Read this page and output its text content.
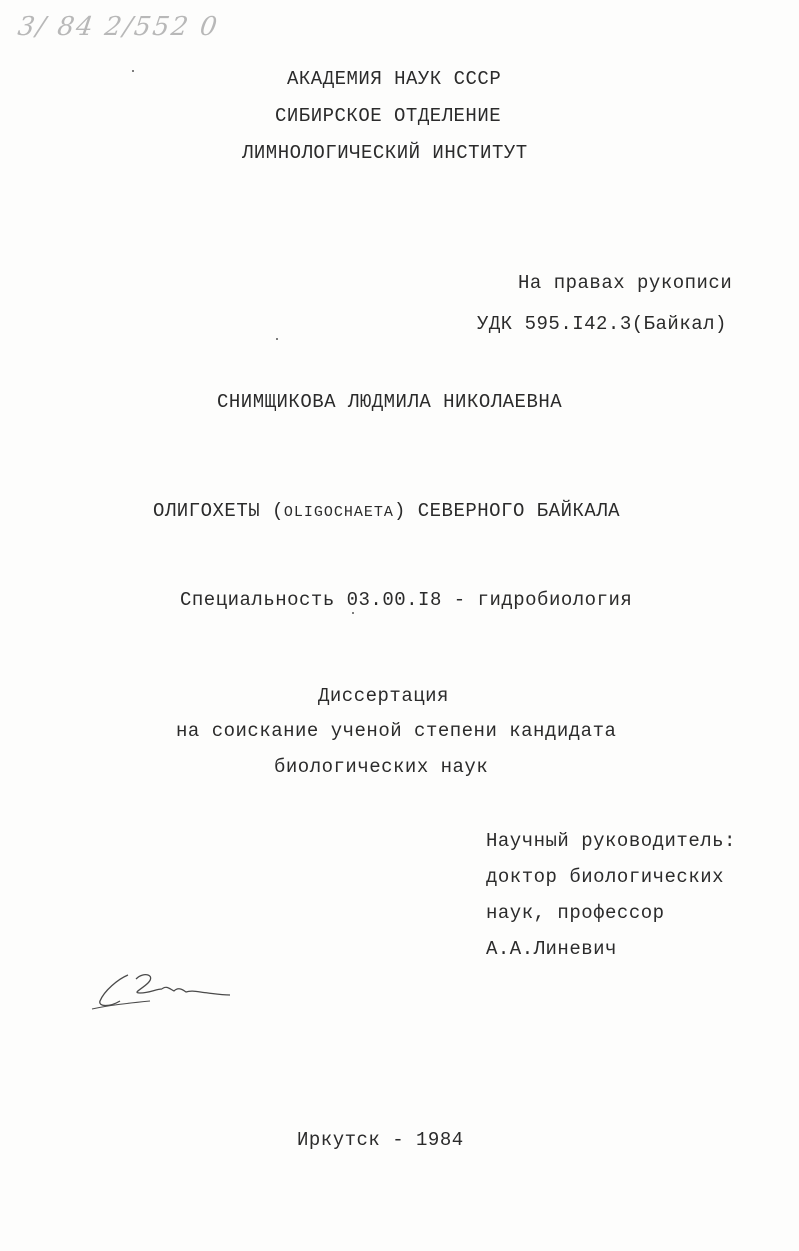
3/ 84 2/552 0
АКАДЕМИЯ НАУК СССР
СИБИРСКОЕ ОТДЕЛЕНИЕ
ЛИМНОЛОГИЧЕСКИЙ ИНСТИТУТ
На правах рукописи
УДК 595.I42.3(Байкал)
СНИМЩИКОВА ЛЮДМИЛА НИКОЛАЕВНА
ОЛИГОХЕТЫ (OLIGOCHAETA) СЕВЕРНОГО БАЙКАЛА
Специальность 03.00.I8 - гидробиология
Диссертация
на соискание ученой степени кандидата
биологических наук
Научный руководитель:
доктор биологических
наук, профессор
А.А.Линевич
Иркутск - 1984
